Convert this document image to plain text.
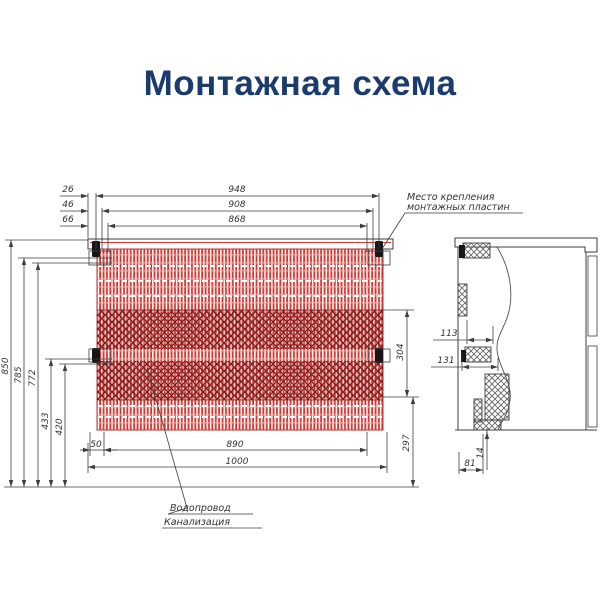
Монтажная схема
26	948
46	908
66	868
850
785 772
433 420
50	890
1000
304
297
Место крепления
монтажных пластин
113
131
14
81
Водопровод
Канализация
